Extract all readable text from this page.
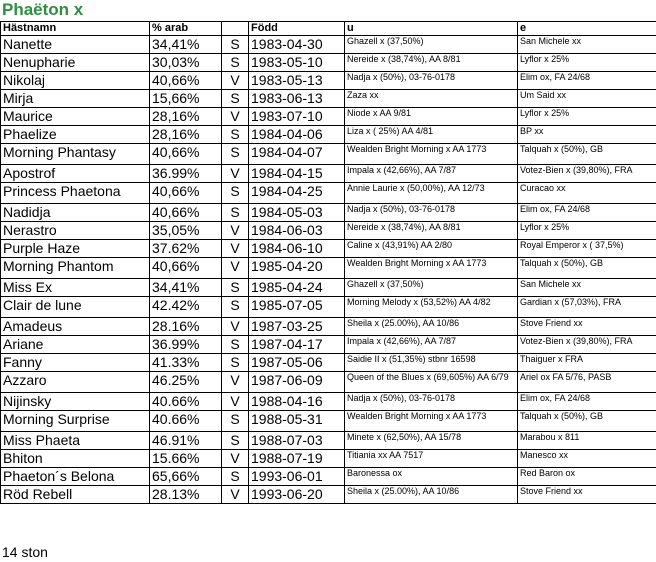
Phaëton x
Hästnamn	% arab		Född	u	e
Nanette	34,41%	S	1983-04-30	Ghazell x (37,50%)	San Michele xx
Nenupharie	30,03%	S	1983-05-10	Nereide x (38,74%), AA 8/81	Lyflor x 25%
Nikolaj	40,66%	V	1983-05-13	Nadja x (50%), 03-76-0178	Elim ox, FA 24/68
Mirja	15,66%	S	1983-06-13	Zaza xx	Um Said xx
Maurice	28,16%	V	1983-07-10	Niode x AA 9/81	Lyflor x 25%
Phaelize	28,16%	S	1984-04-06	Liza x ( 25%) AA 4/81	BP xx
Morning Phantasy	40,66%	S	1984-04-07	Wealden Bright Morning x AA 1773	Talquah x (50%), GB
Apostrof	36.99%	V	1984-04-15	Impala x (42,66%), AA 7/87	Votez-Bien x (39,80%), FRA
Princess Phaetona	40,66%	S	1984-04-25	Annie Laurie x (50,00%), AA 12/73	Curacao xx
Nadidja	40,66%	S	1984-05-03	Nadja x (50%), 03-76-0178	Elim ox, FA 24/68
Nerastro	35,05%	V	1984-06-03	Nereide x (38,74%), AA 8/81	Lyflor x 25%
Purple Haze	37.62%	V	1984-06-10	Caline x (43,91%) AA 2/80	Royal Emperor x ( 37,5%)
Morning Phantom	40,66%	V	1985-04-20	Wealden Bright Morning x AA 1773	Talquah x (50%), GB
Miss Ex	34,41%	S	1985-04-24	Ghazell x (37,50%)	San Michele xx
Clair de lune	42.42%	S	1985-07-05	Morning Melody x (53,52%) AA 4/82	Gardian x (57,03%), FRA
Amadeus	28.16%	V	1987-03-25	Sheila x (25.00%), AA 10/86	Stove Friend xx
Ariane	36.99%	S	1987-04-17	Impala x (42,66%), AA 7/87	Votez-Bien x (39,80%), FRA
Fanny	41.33%	S	1987-05-06	Saidie II x (51,35%) stbnr 16598	Thaiguer x FRA
Azzaro	46.25%	V	1987-06-09	Queen of the Blues x (69,605%) AA 6/79	Ariel ox FA 5/76, PASB
Nijinsky	40.66%	V	1988-04-16	Nadja x (50%), 03-76-0178	Elim ox, FA 24/68
Morning Surprise	40.66%	S	1988-05-31	Wealden Bright Morning x AA 1773	Talquah x (50%), GB
Miss Phaeta	46.91%	S	1988-07-03	Minete x (62,50%), AA 15/78	Marabou x 811
Bhiton	15.66%	V	1988-07-19	Titiania xx AA 7517	Manesco xx
Phaeton´s Belona	65,66%	S	1993-06-01	Baronessa ox	Red Baron ox
Röd Rebell	28.13%	V	1993-06-20	Sheila x (25.00%), AA 10/86	Stove Friend xx
14 ston
